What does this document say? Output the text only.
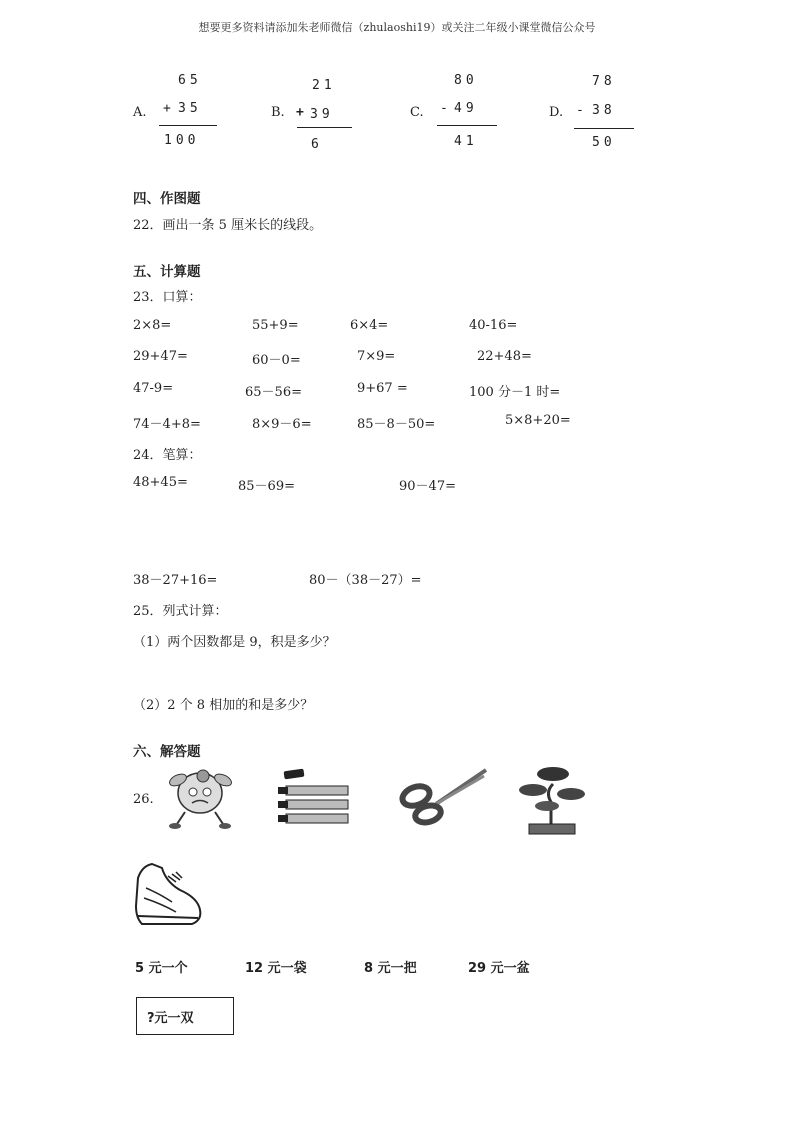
想要更多资料请添加朱老师微信（zhulaoshi19）或关注二年级小课堂微信公众号
A.
65
+ 35
100
B.
21
+ 39
6
C.
80
- 49
41
D.
78
- 38
50
四、作图题
22．画出一条 5 厘米长的线段。
五、计算题
23．口算：
2×8=	55+9=	6×4=	40-16=
29+47=	60－0=	7×9=	22+48=
47-9=	65－56=	9+67 =	100 分－1 时=
74－4+8=	8×9－6=	85－8－50=	5×8+20=
24．笔算：
48+45=	85－69=	90－47=
38－27+16=	80－（38－27）=
25．列式计算：
（1）两个因数都是 9，积是多少？
（2）2 个 8 相加的和是多少？
六、解答题
26.
5 元一个	12 元一袋	8 元一把	29 元一盆
?元一双
